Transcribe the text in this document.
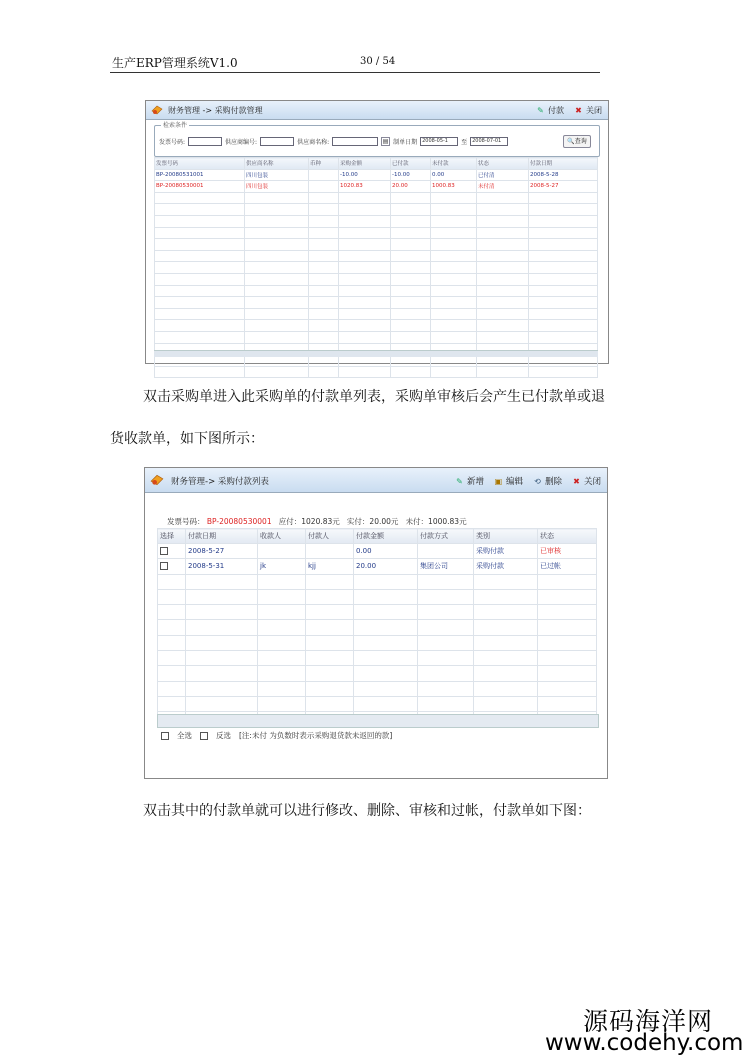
生产ERP管理系统V1.0	30 / 54
财务管理 -> 采购付款管理	✎ 付款 ✖ 关闭
检索条件
发票号码:	供应商编号:	供应商名称:	▤ 制单日期	2008-05-1	至	2008-07-01	🔍查询
发票号码	供应商名称	币种	采购金额	已付款	未付款	状态	付款日期
BP-20080531001	四川包装		-10.00	-10.00	0.00	已付清	2008-5-28
BP-20080530001	四川包装		1020.83	20.00	1000.83	未付清	2008-5-27

双击采购单进入此采购单的付款单列表，采购单审核后会产生已付款单或退
货收款单，如下图所示：
财务管理-> 采购付款列表	✎ 新增 ▣ 编辑 ⟲ 删除 ✖ 关闭
发票号码： BP-20080530001 应付：1020.83元 实付：20.00元 未付：1000.83元
选择	付款日期	收款人	付款人	付款金额	付款方式	类别	状态
	2008-5-27			0.00		采购付款	已审核
	2008-5-31	jk	kjj	20.00	集团公司	采购付款	已过帐

全选	反选 [注:未付 为负数时表示采购退货款未返回的款]
双击其中的付款单就可以进行修改、删除、审核和过帐，付款单如下图：
源码海洋网
www.codehy.com
